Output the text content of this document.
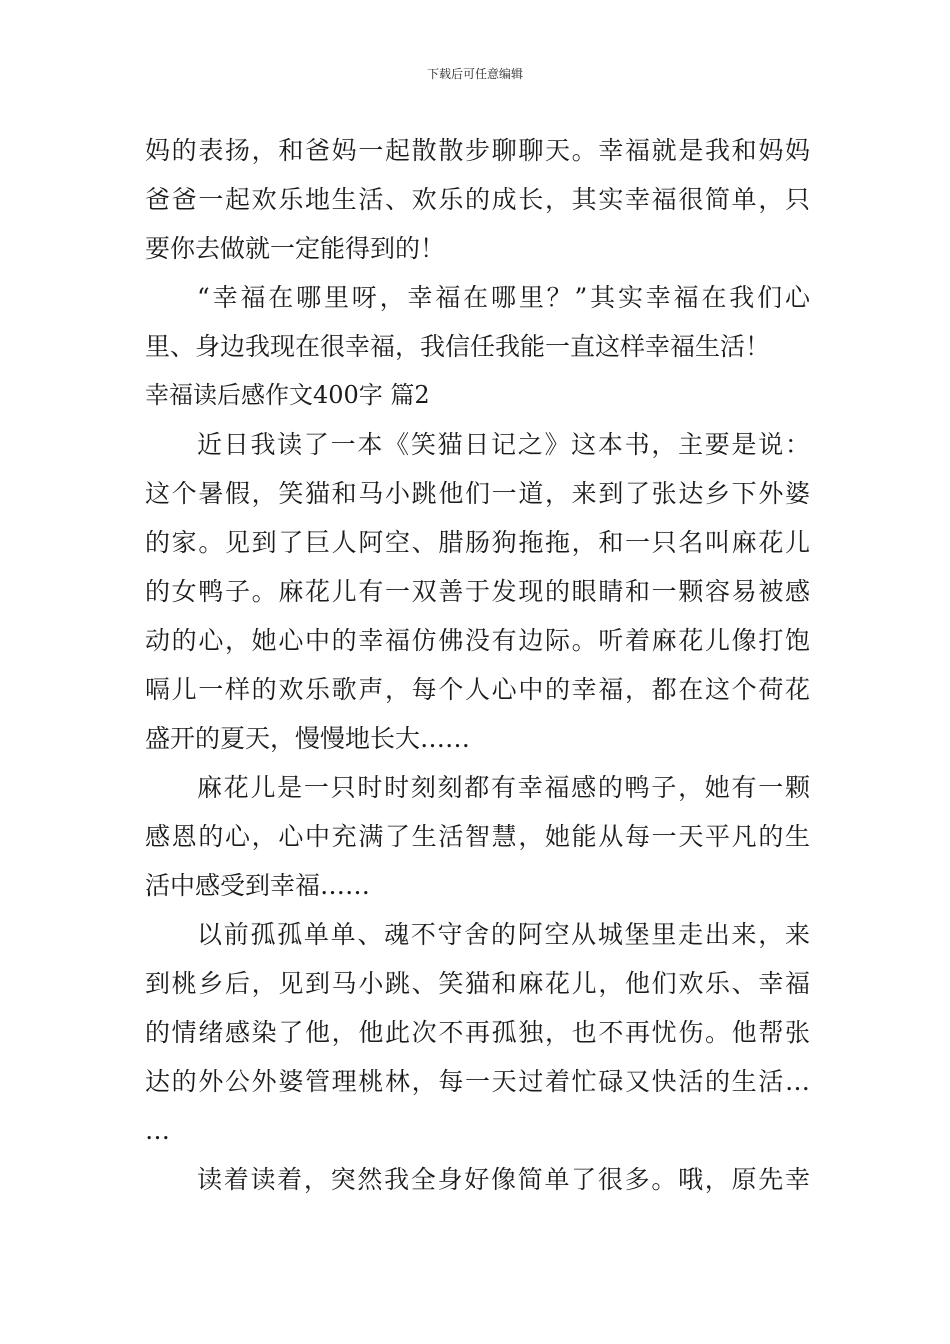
下载后可任意编辑
妈的表扬，和爸妈一起散散步聊聊天。幸福就是我和妈妈
爸爸一起欢乐地生活、欢乐的成长，其实幸福很简单，只
要你去做就一定能得到的！
“幸福在哪里呀，幸福在哪里？”其实幸福在我们心
里、身边我现在很幸福，我信任我能一直这样幸福生活！
幸福读后感作文400字 篇2
近日我读了一本《笑猫日记之》这本书，主要是说：
这个暑假，笑猫和马小跳他们一道，来到了张达乡下外婆
的家。见到了巨人阿空、腊肠狗拖拖，和一只名叫麻花儿
的女鸭子。麻花儿有一双善于发现的眼睛和一颗容易被感
动的心，她心中的幸福仿佛没有边际。听着麻花儿像打饱
嗝儿一样的欢乐歌声，每个人心中的幸福，都在这个荷花
盛开的夏天，慢慢地长大……
麻花儿是一只时时刻刻都有幸福感的鸭子，她有一颗
感恩的心，心中充满了生活智慧，她能从每一天平凡的生
活中感受到幸福……
以前孤孤单单、魂不守舍的阿空从城堡里走出来，来
到桃乡后，见到马小跳、笑猫和麻花儿，他们欢乐、幸福
的情绪感染了他，他此次不再孤独，也不再忧伤。他帮张
达的外公外婆管理桃林，每一天过着忙碌又快活的生活…
…
读着读着，突然我全身好像简单了很多。哦，原先幸
